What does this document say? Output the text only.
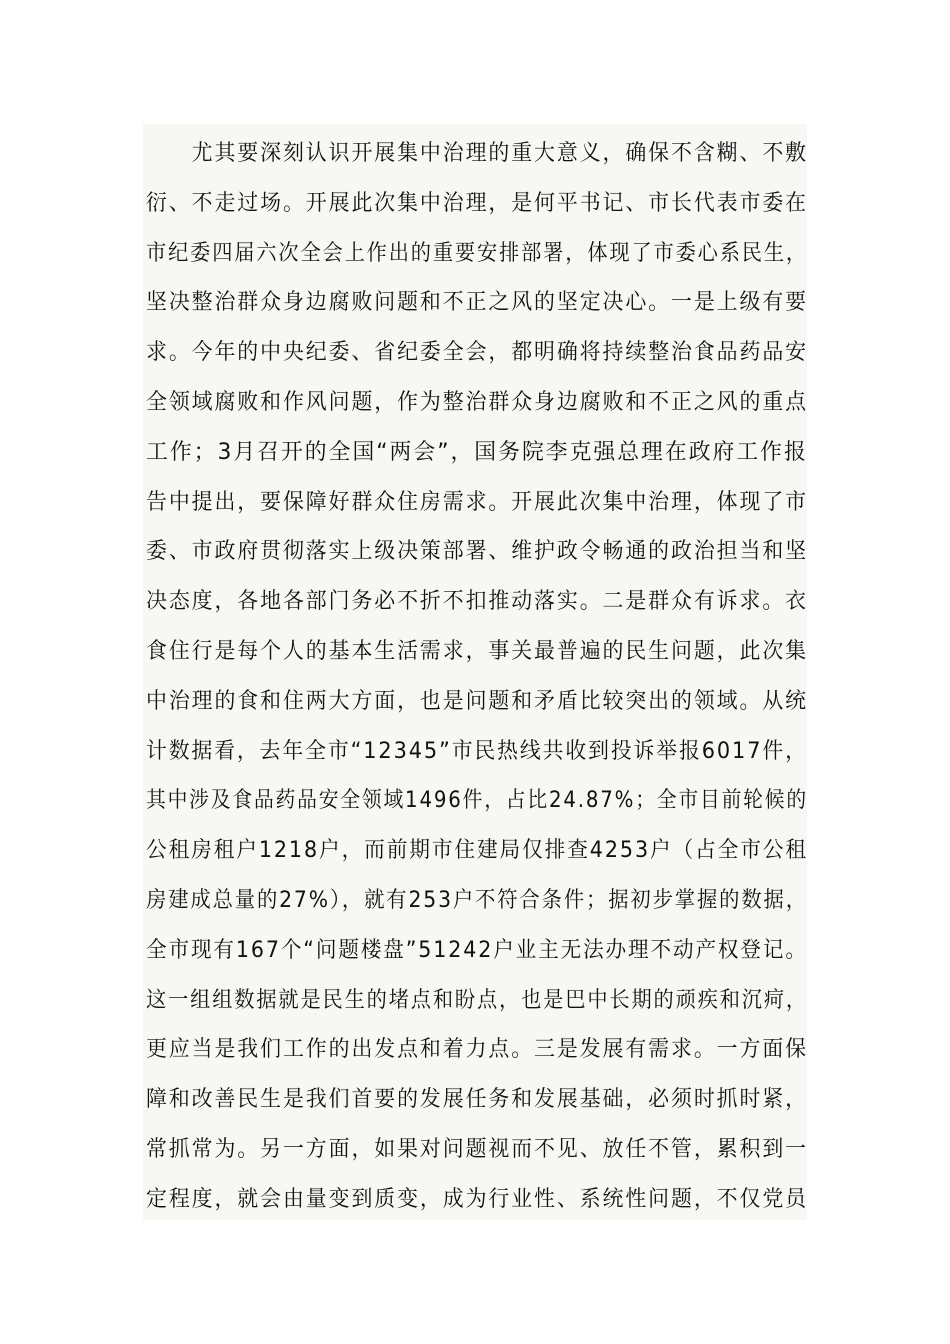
　　尤其要深刻认识开展集中治理的重大意义，确保不含糊、不敷
衍、不走过场。开展此次集中治理，是何平书记、市长代表市委在
市纪委四届六次全会上作出的重要安排部署，体现了市委心系民生，
坚决整治群众身边腐败问题和不正之风的坚定决心。一是上级有要
求。今年的中央纪委、省纪委全会，都明确将持续整治食品药品安
全领域腐败和作风问题，作为整治群众身边腐败和不正之风的重点
工作；3月召开的全国“两会”，国务院李克强总理在政府工作报
告中提出，要保障好群众住房需求。开展此次集中治理，体现了市
委、市政府贯彻落实上级决策部署、维护政令畅通的政治担当和坚
决态度，各地各部门务必不折不扣推动落实。二是群众有诉求。衣
食住行是每个人的基本生活需求，事关最普遍的民生问题，此次集
中治理的食和住两大方面，也是问题和矛盾比较突出的领域。从统
计数据看，去年全市“12345”市民热线共收到投诉举报6017件，
其中涉及食品药品安全领域1496件，占比24.87%；全市目前轮候的
公租房租户1218户，而前期市住建局仅排查4253户（占全市公租
房建成总量的27%），就有253户不符合条件；据初步掌握的数据，
全市现有167个“问题楼盘”51242户业主无法办理不动产权登记。
这一组组数据就是民生的堵点和盼点，也是巴中长期的顽疾和沉疴，
更应当是我们工作的出发点和着力点。三是发展有需求。一方面保
障和改善民生是我们首要的发展任务和发展基础，必须时抓时紧，
常抓常为。另一方面，如果对问题视而不见、放任不管，累积到一
定程度，就会由量变到质变，成为行业性、系统性问题，不仅党员
